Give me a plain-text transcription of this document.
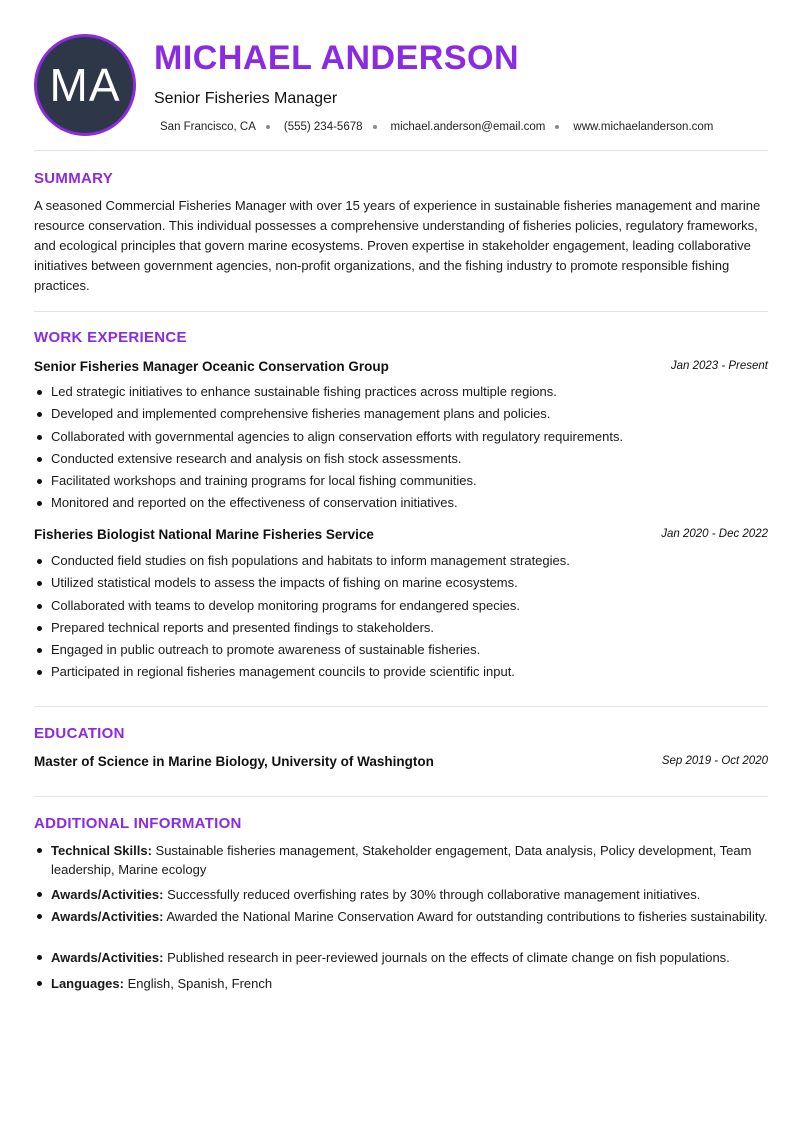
MA
MICHAEL ANDERSON
Senior Fisheries Manager
San Francisco, CA (555) 234-5678 michael.anderson@email.com www.michaelanderson.com
SUMMARY
A seasoned Commercial Fisheries Manager with over 15 years of experience in sustainable fisheries management and marine resource conservation. This individual possesses a comprehensive understanding of fisheries policies, regulatory frameworks, and ecological principles that govern marine ecosystems. Proven expertise in stakeholder engagement, leading collaborative initiatives between government agencies, non-profit organizations, and the fishing industry to promote responsible fishing practices.
WORK EXPERIENCE
Senior Fisheries Manager Oceanic Conservation Group	Jan 2023 - Present
Led strategic initiatives to enhance sustainable fishing practices across multiple regions.
Developed and implemented comprehensive fisheries management plans and policies.
Collaborated with governmental agencies to align conservation efforts with regulatory requirements.
Conducted extensive research and analysis on fish stock assessments.
Facilitated workshops and training programs for local fishing communities.
Monitored and reported on the effectiveness of conservation initiatives.
Fisheries Biologist National Marine Fisheries Service	Jan 2020 - Dec 2022
Conducted field studies on fish populations and habitats to inform management strategies.
Utilized statistical models to assess the impacts of fishing on marine ecosystems.
Collaborated with teams to develop monitoring programs for endangered species.
Prepared technical reports and presented findings to stakeholders.
Engaged in public outreach to promote awareness of sustainable fisheries.
Participated in regional fisheries management councils to provide scientific input.
EDUCATION
Master of Science in Marine Biology, University of Washington	Sep 2019 - Oct 2020
ADDITIONAL INFORMATION
Technical Skills: Sustainable fisheries management, Stakeholder engagement, Data analysis, Policy development, Team leadership, Marine ecology
Awards/Activities: Successfully reduced overfishing rates by 30% through collaborative management initiatives.
Awards/Activities: Awarded the National Marine Conservation Award for outstanding contributions to fisheries sustainability.
Awards/Activities: Published research in peer-reviewed journals on the effects of climate change on fish populations.
Languages: English, Spanish, French
